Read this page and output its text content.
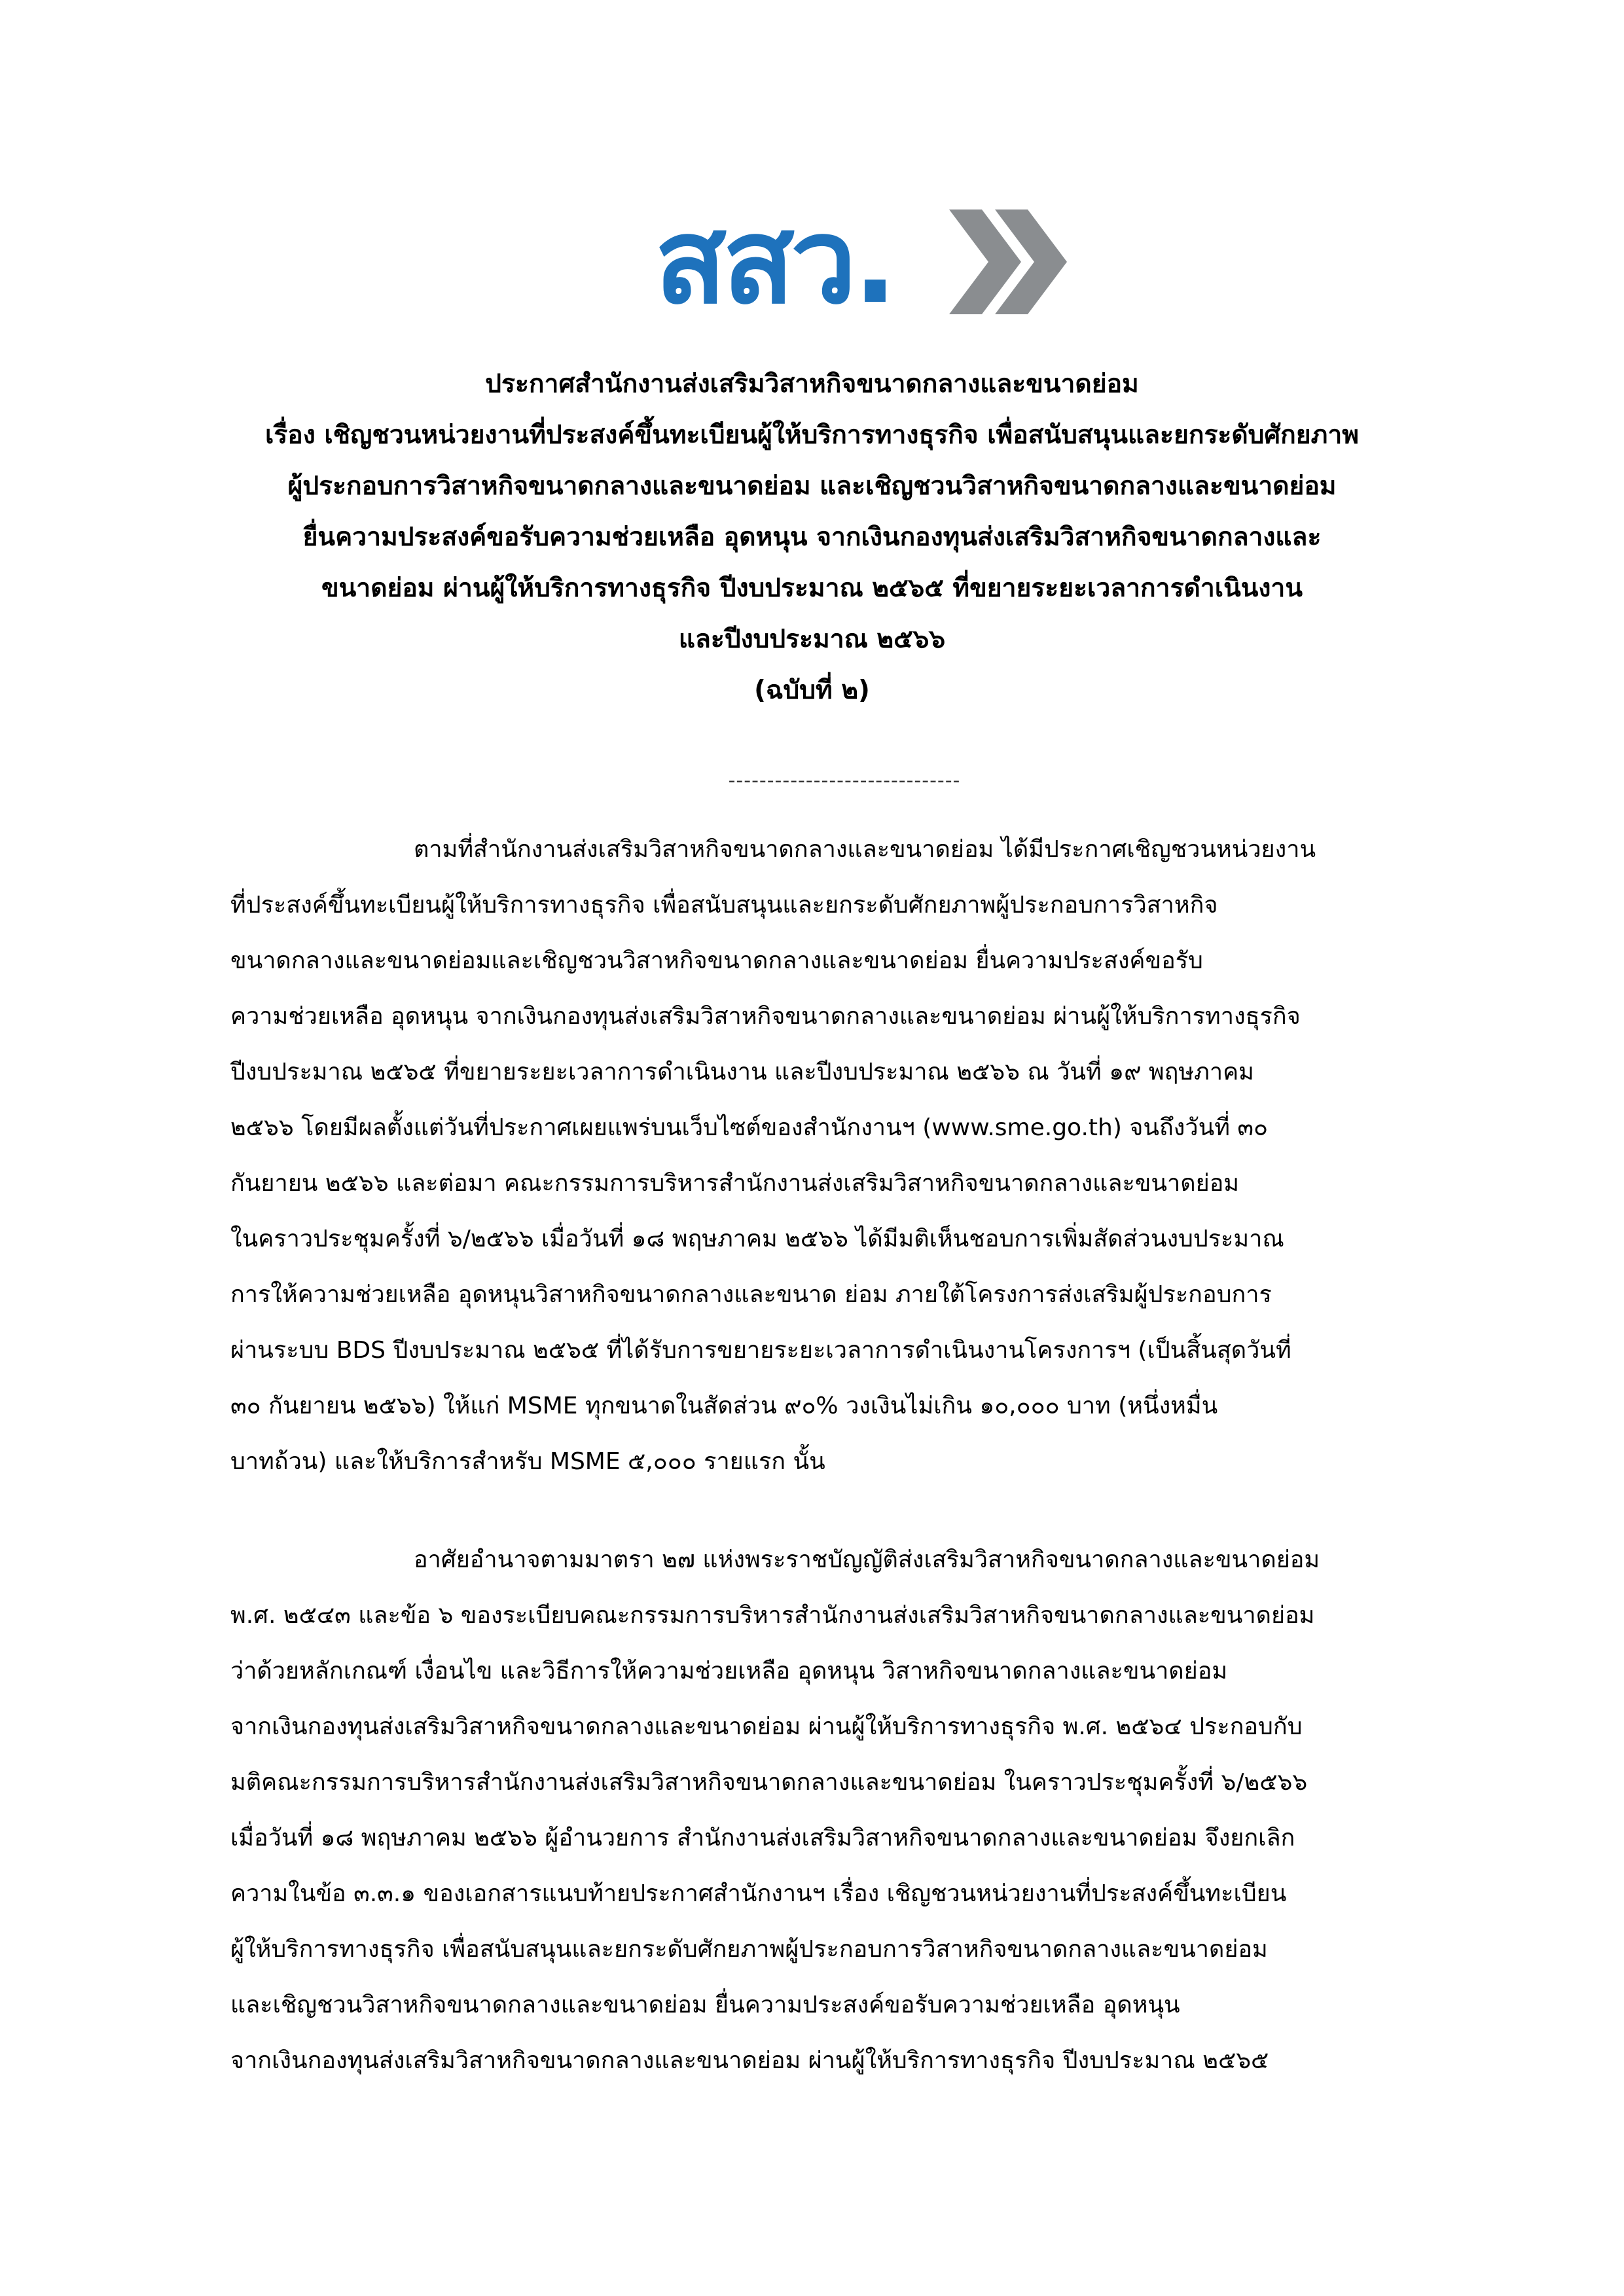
สสว.
ประกาศสำนักงานส่งเสริมวิสาหกิจขนาดกลางและขนาดย่อม
เรื่อง เชิญชวนหน่วยงานที่ประสงค์ขึ้นทะเบียนผู้ให้บริการทางธุรกิจ เพื่อสนับสนุนและยกระดับศักยภาพ
ผู้ประกอบการวิสาหกิจขนาดกลางและขนาดย่อม และเชิญชวนวิสาหกิจขนาดกลางและขนาดย่อม
ยื่นความประสงค์ขอรับความช่วยเหลือ อุดหนุน จากเงินกองทุนส่งเสริมวิสาหกิจขนาดกลางและ
ขนาดย่อม ผ่านผู้ให้บริการทางธุรกิจ ปีงบประมาณ ๒๕๖๕ ที่ขยายระยะเวลาการดำเนินงาน
และปีงบประมาณ ๒๕๖๖
(ฉบับที่ ๒)
------------------------------
ตามที่สำนักงานส่งเสริมวิสาหกิจขนาดกลางและขนาดย่อม ได้มีประกาศเชิญชวนหน่วยงาน
ที่ประสงค์ขึ้นทะเบียนผู้ให้บริการทางธุรกิจ เพื่อสนับสนุนและยกระดับศักยภาพผู้ประกอบการวิสาหกิจ
ขนาดกลางและขนาดย่อมและเชิญชวนวิสาหกิจขนาดกลางและขนาดย่อม ยื่นความประสงค์ขอรับ
ความช่วยเหลือ อุดหนุน จากเงินกองทุนส่งเสริมวิสาหกิจขนาดกลางและขนาดย่อม ผ่านผู้ให้บริการทางธุรกิจ
ปีงบประมาณ ๒๕๖๕ ที่ขยายระยะเวลาการดำเนินงาน และปีงบประมาณ ๒๕๖๖ ณ วันที่ ๑๙ พฤษภาคม
๒๕๖๖ โดยมีผลตั้งแต่วันที่ประกาศเผยแพร่บนเว็บไซต์ของสำนักงานฯ (www.sme.go.th) จนถึงวันที่ ๓๐
กันยายน ๒๕๖๖ และต่อมา คณะกรรมการบริหารสำนักงานส่งเสริมวิสาหกิจขนาดกลางและขนาดย่อม
ในคราวประชุมครั้งที่ ๖/๒๕๖๖ เมื่อวันที่ ๑๘ พฤษภาคม ๒๕๖๖ ได้มีมติเห็นชอบการเพิ่มสัดส่วนงบประมาณ
การให้ความช่วยเหลือ อุดหนุนวิสาหกิจขนาดกลางและขนาด ย่อม ภายใต้โครงการส่งเสริมผู้ประกอบการ
ผ่านระบบ BDS ปีงบประมาณ ๒๕๖๕ ที่ได้รับการขยายระยะเวลาการดำเนินงานโครงการฯ (เป็นสิ้นสุดวันที่
๓๐ กันยายน ๒๕๖๖) ให้แก่ MSME ทุกขนาดในสัดส่วน ๙๐% วงเงินไม่เกิน ๑๐,๐๐๐ บาท (หนึ่งหมื่น
บาทถ้วน) และให้บริการสำหรับ MSME ๕,๐๐๐ รายแรก นั้น
อาศัยอำนาจตามมาตรา ๒๗ แห่งพระราชบัญญัติส่งเสริมวิสาหกิจขนาดกลางและขนาดย่อม
พ.ศ. ๒๕๔๓ และข้อ ๖ ของระเบียบคณะกรรมการบริหารสำนักงานส่งเสริมวิสาหกิจขนาดกลางและขนาดย่อม
ว่าด้วยหลักเกณฑ์ เงื่อนไข และวิธีการให้ความช่วยเหลือ อุดหนุน วิสาหกิจขนาดกลางและขนาดย่อม
จากเงินกองทุนส่งเสริมวิสาหกิจขนาดกลางและขนาดย่อม ผ่านผู้ให้บริการทางธุรกิจ พ.ศ. ๒๕๖๔ ประกอบกับ
มติคณะกรรมการบริหารสำนักงานส่งเสริมวิสาหกิจขนาดกลางและขนาดย่อม ในคราวประชุมครั้งที่ ๖/๒๕๖๖
เมื่อวันที่ ๑๘ พฤษภาคม ๒๕๖๖ ผู้อำนวยการ สำนักงานส่งเสริมวิสาหกิจขนาดกลางและขนาดย่อม จึงยกเลิก
ความในข้อ ๓.๓.๑ ของเอกสารแนบท้ายประกาศสำนักงานฯ เรื่อง เชิญชวนหน่วยงานที่ประสงค์ขึ้นทะเบียน
ผู้ให้บริการทางธุรกิจ เพื่อสนับสนุนและยกระดับศักยภาพผู้ประกอบการวิสาหกิจขนาดกลางและขนาดย่อม
และเชิญชวนวิสาหกิจขนาดกลางและขนาดย่อม ยื่นความประสงค์ขอรับความช่วยเหลือ อุดหนุน
จากเงินกองทุนส่งเสริมวิสาหกิจขนาดกลางและขนาดย่อม ผ่านผู้ให้บริการทางธุรกิจ ปีงบประมาณ ๒๕๖๕
